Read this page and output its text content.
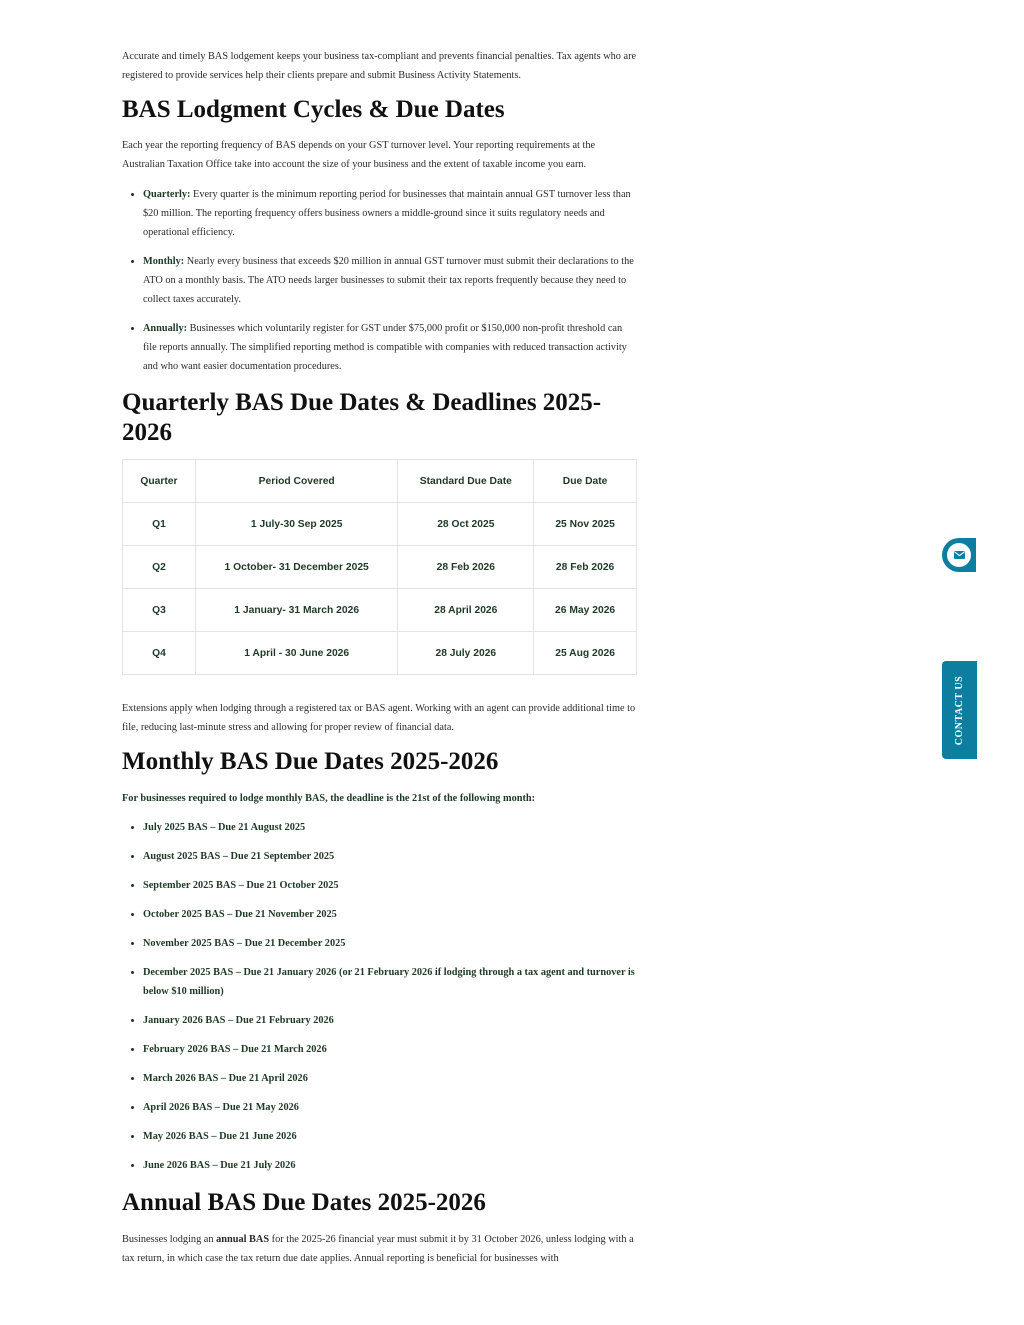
Accurate and timely BAS lodgement keeps your business tax-compliant and prevents financial penalties. Tax agents who are registered to provide services help their clients prepare and submit Business Activity Statements.

BAS Lodgment Cycles & Due Dates

Each year the reporting frequency of BAS depends on your GST turnover level. Your reporting requirements at the Australian Taxation Office take into account the size of your business and the extent of taxable income you earn.

• Quarterly: Every quarter is the minimum reporting period for businesses that maintain annual GST turnover less than $20 million. The reporting frequency offers business owners a middle-ground since it suits regulatory needs and operational efficiency.
• Monthly: Nearly every business that exceeds $20 million in annual GST turnover must submit their declarations to the ATO on a monthly basis. The ATO needs larger businesses to submit their tax reports frequently because they need to collect taxes accurately.
• Annually: Businesses which voluntarily register for GST under $75,000 profit or $150,000 non-profit threshold can file reports annually. The simplified reporting method is compatible with companies with reduced transaction activity and who want easier documentation procedures.
Quarterly BAS Due Dates & Deadlines 2025-2026

Extensions apply when lodging through a registered tax or BAS agent. Working with an agent can provide additional time to file, reducing last-minute stress and allowing for proper review of financial data.

Monthly BAS Due Dates 2025-2026

For businesses required to lodge monthly BAS, the deadline is the 21st of the following month:

• July 2025 BAS – Due 21 August 2025
• August 2025 BAS – Due 21 September 2025
• September 2025 BAS – Due 21 October 2025
• October 2025 BAS – Due 21 November 2025
• November 2025 BAS – Due 21 December 2025
• December 2025 BAS – Due 21 January 2026 (or 21 February 2026 if lodging through a tax agent and turnover is below $10 million)
• January 2026 BAS – Due 21 February 2026
• February 2026 BAS – Due 21 March 2026
• March 2026 BAS – Due 21 April 2026
• April 2026 BAS – Due 21 May 2026
• May 2026 BAS – Due 21 June 2026
• June 2026 BAS – Due 21 July 2026
Annual BAS Due Dates 2025-2026

Businesses lodging an annual BAS for the 2025-26 financial year must submit it by 31 October 2026, unless lodging with a tax return, in which case the tax return due date applies. Annual reporting is beneficial for businesses with

Quarter	Period Covered	Standard Due Date	Due Date
Q1	1 July-30 Sep 2025	28 Oct 2025	25 Nov 2025
Q2	1 October- 31 December 2025	28 Feb 2026	28 Feb 2026
Q3	1 January- 31 March 2026	28 April 2026	26 May 2026
Q4	1 April - 30 June 2026	28 July 2026	25 Aug 2026
CONTACT US
